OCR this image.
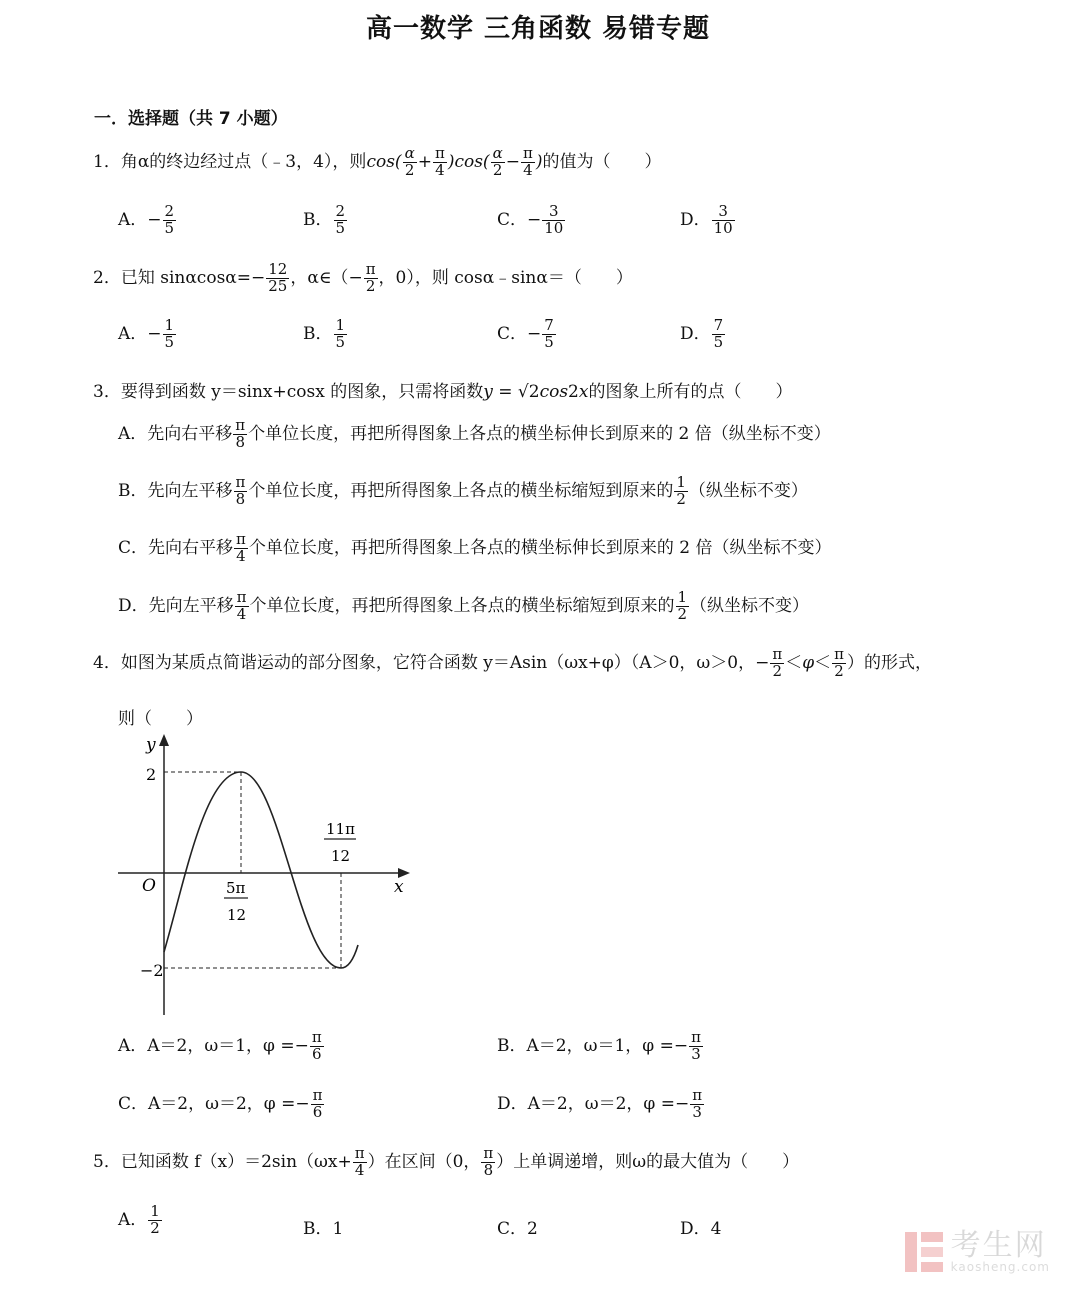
高一数学 三角函数 易错专题
一．选择题（共 7 小题）
1．角α的终边经过点（﹣3，4），则$\cos( \frac{\alpha}{2} + \frac{\pi}{4} )\cos( \frac{\alpha}{2} - \frac{\pi}{4}$ )的值为（　　）
A．− $\frac{2}{5}$	B． $\frac{2}{5}$	C．− $\frac{3}{10}$	D． $\frac{3}{10}$
2．已知 $\sin\alpha\cos\alpha=- \frac{12}{25}$ ，α∈（− $\frac{\pi}{2}$ ，0），则 cosα﹣sinα＝（　　）
A．− $\frac{1}{5}$	B． $\frac{1}{5}$	C．− $\frac{7}{5}$	D． $\frac{7}{5}$
3．要得到函数 y＝sinx+cosx 的图象，只需将函数y = √2cos2x的图象上所有的点（　　）
A．先向右平移 $\frac{\pi}{8}$ 个单位长度，再把所得图象上各点的横坐标伸长到原来的 2 倍（纵坐标不变）
B．先向左平移 $\frac{\pi}{8}$ 个单位长度，再把所得图象上各点的横坐标缩短到原来的 $\frac{1}{2}$ （纵坐标不变）
C．先向右平移 $\frac{\pi}{4}$ 个单位长度，再把所得图象上各点的横坐标伸长到原来的 2 倍（纵坐标不变）
D．先向左平移 $\frac{\pi}{4}$ 个单位长度，再把所得图象上各点的横坐标缩短到原来的 $\frac{1}{2}$ （纵坐标不变）
4．如图为某质点简谐运动的部分图象，它符合函数 y＝Asin（ωx+φ）（A＞0，ω＞0，− $\frac{\pi}{2} <\varphi< \frac{\pi}{2}$ ）的形式，
则（　　）
y
x
O
2
−2
5π
12
11π
12
A．A＝2，ω＝1，$\varphi =- \frac{\pi}{6}$	B．A＝2，ω＝1，$\varphi =- \frac{\pi}{3}$
C．A＝2，ω＝2，$\varphi =- \frac{\pi}{6}$	D．A＝2，ω＝2，$\varphi =- \frac{\pi}{3}$
5．已知函数 $f(x)=2\sin(\omega x+ \frac{\pi}{4}$ ）在区间（0， $\frac{\pi}{8}$ ）上单调递增，则ω的最大值为（　　）
A． $\frac{1}{2}$	B．1	C．2	D．4	考生网
kaosheng.com
